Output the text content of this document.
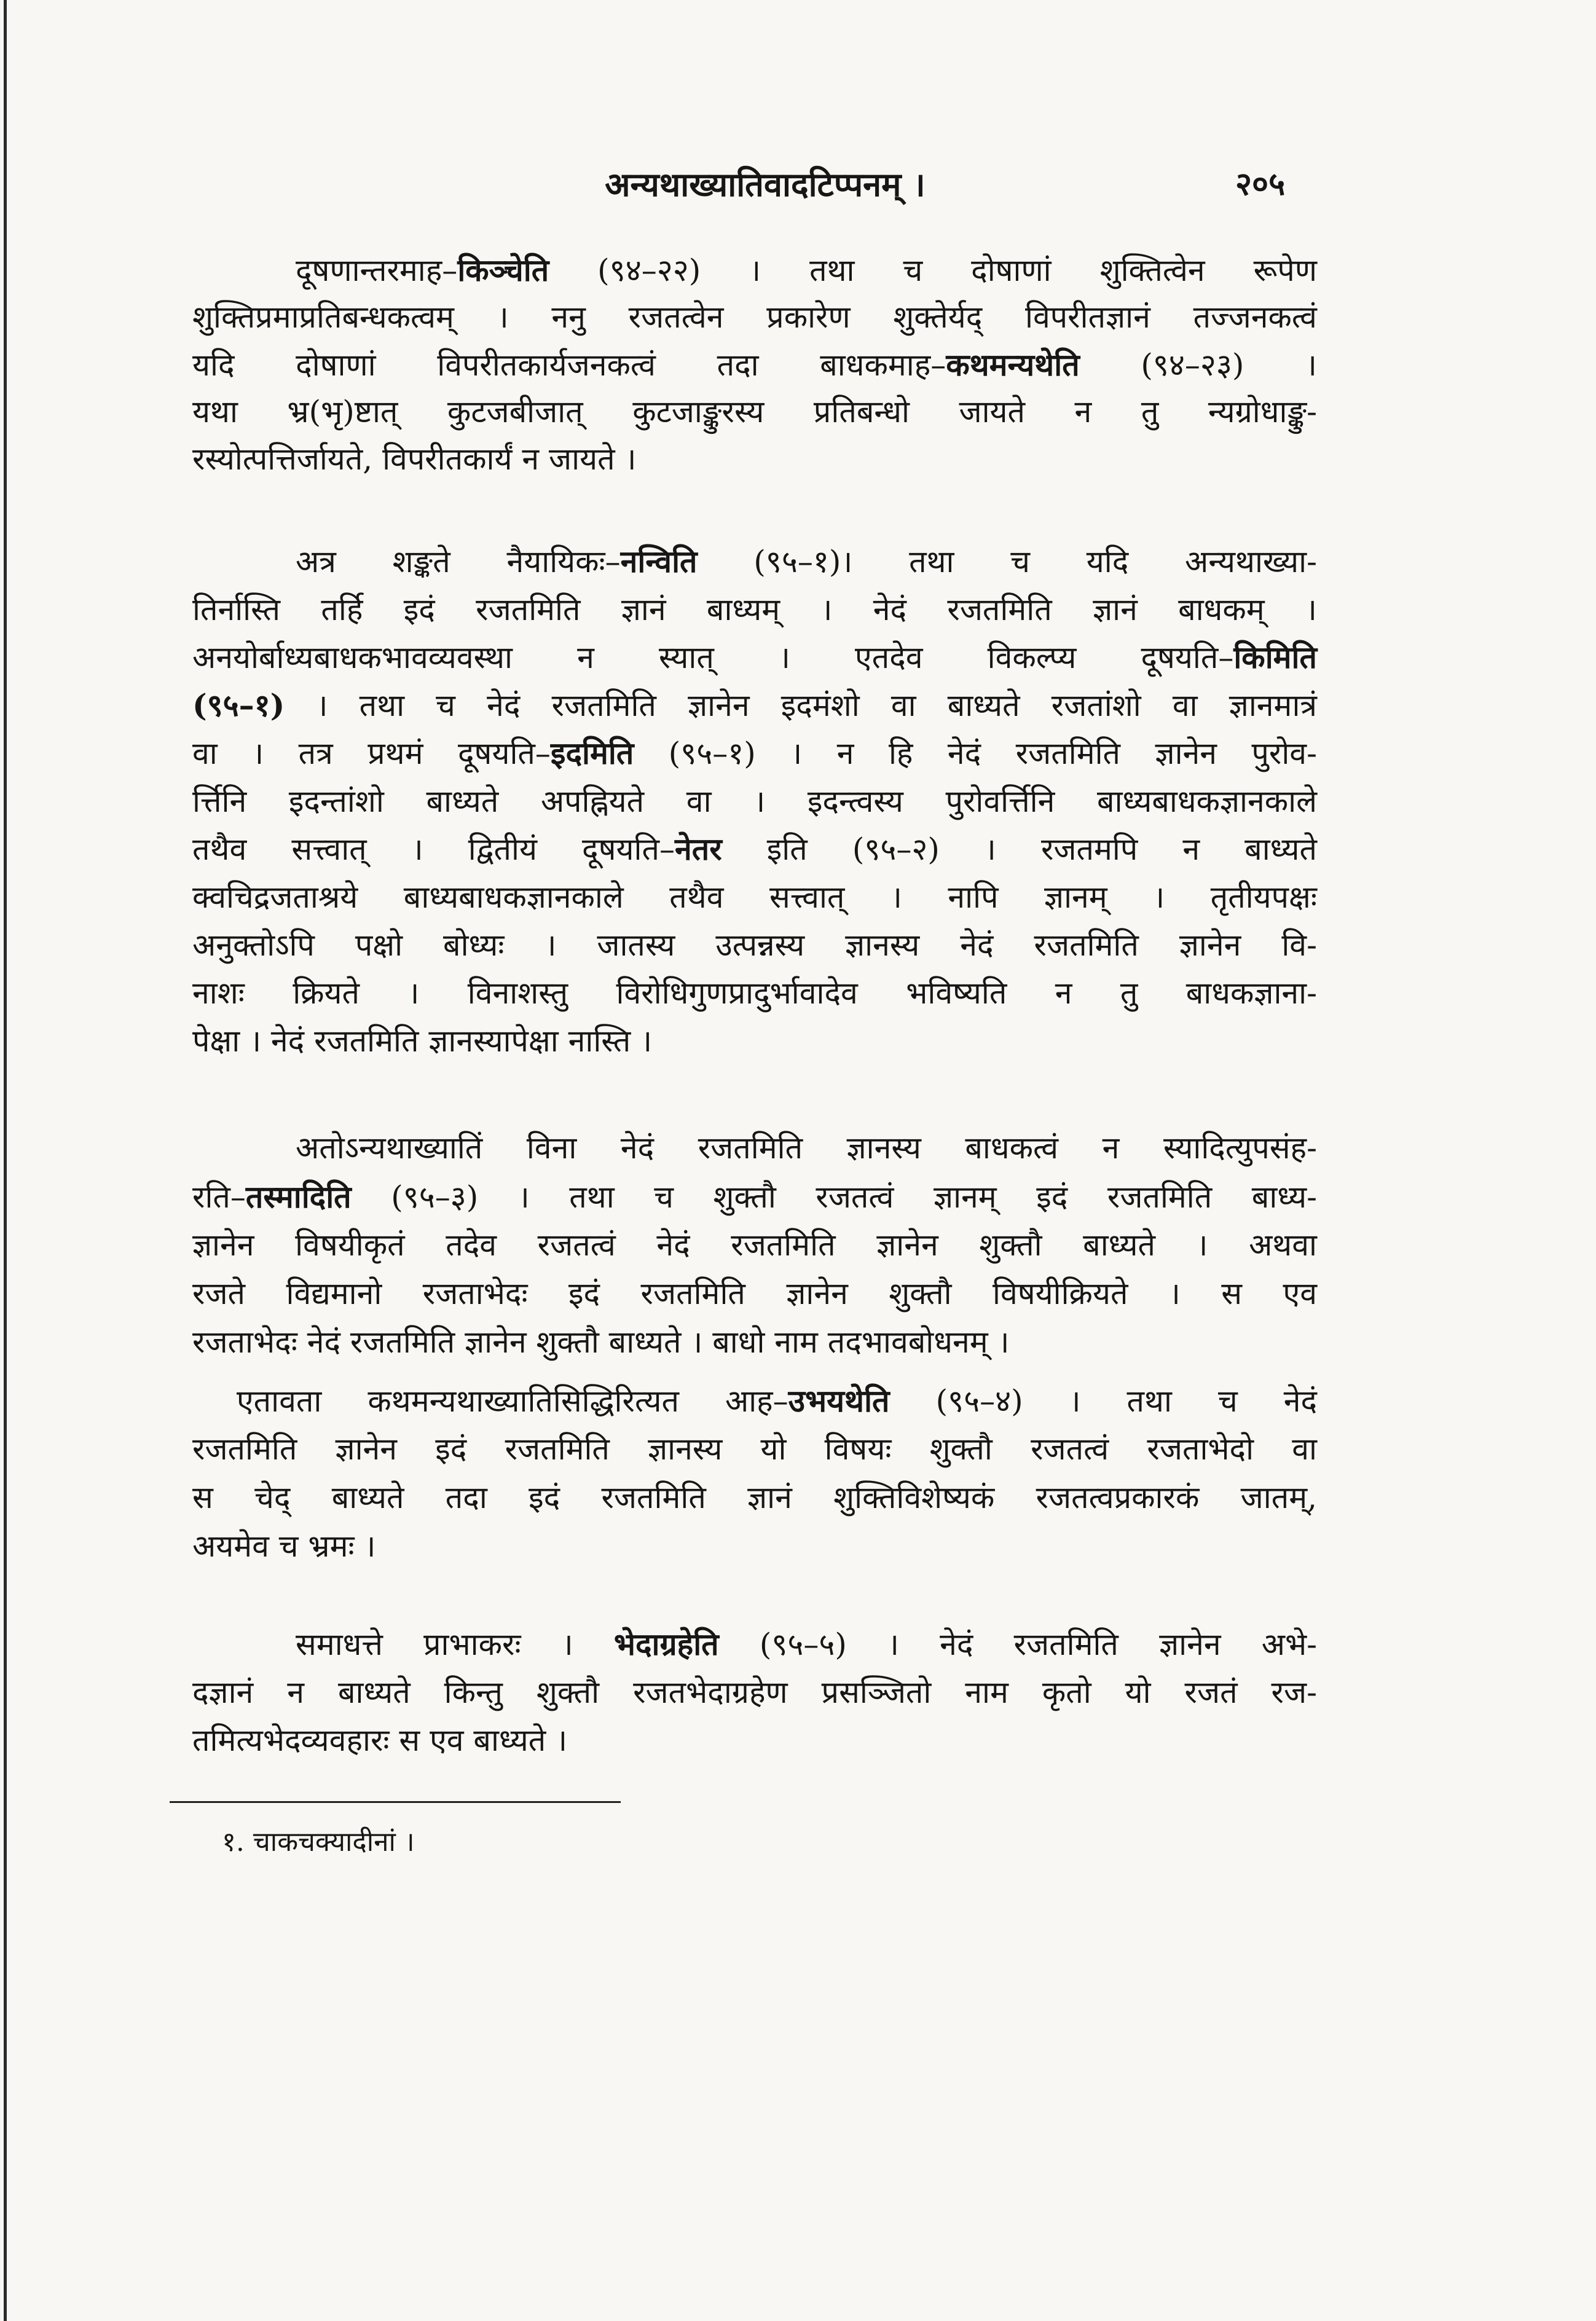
अन्यथाख्यातिवादटिप्पनम् ।	२०५
दूषणान्तरमाह–किञ्चेति (९४–२२) । तथा च दोषाणां शुक्तित्वेन रूपेण
शुक्तिप्रमाप्रतिबन्धकत्वम् । ननु रजतत्वेन प्रकारेण शुक्तेर्यद् विपरीतज्ञानं तज्जनकत्वं
यदि दोषाणां विपरीतकार्यजनकत्वं तदा बाधकमाह–कथमन्यथेति (९४–२३) ।
यथा भ्र(भृ)ष्टात् कुटजबीजात् कुटजाङ्कुरस्य प्रतिबन्धो जायते न तु न्यग्रोधाङ्कु-
रस्योत्पत्तिर्जायते, विपरीतकार्यं न जायते ।
अत्र शङ्कते नैयायिकः–नन्विति (९५–१)। तथा च यदि अन्यथाख्या-
तिर्नास्ति तर्हि इदं रजतमिति ज्ञानं बाध्यम् । नेदं रजतमिति ज्ञानं बाधकम् ।
अनयोर्बाध्यबाधकभावव्यवस्था न स्यात् । एतदेव विकल्प्य दूषयति–किमिति
(९५–१) । तथा च नेदं रजतमिति ज्ञानेन इदमंशो वा बाध्यते रजतांशो वा ज्ञानमात्रं
वा । तत्र प्रथमं दूषयति–इदमिति (९५–१) । न हि नेदं रजतमिति ज्ञानेन पुरोव-
र्त्तिनि इदन्तांशो बाध्यते अपह्नियते वा । इदन्त्वस्य पुरोवर्त्तिनि बाध्यबाधकज्ञानकाले
तथैव सत्त्वात् । द्वितीयं दूषयति–नेतर इति (९५–२) । रजतमपि न बाध्यते
क्वचिद्रजताश्रये बाध्यबाधकज्ञानकाले तथैव सत्त्वात् । नापि ज्ञानम् । तृतीयपक्षः
अनुक्तोऽपि पक्षो बोध्यः । जातस्य उत्पन्नस्य ज्ञानस्य नेदं रजतमिति ज्ञानेन वि-
नाशः क्रियते । विनाशस्तु विरोधिगुणप्रादुर्भावादेव भविष्यति न तु बाधकज्ञाना-
पेक्षा । नेदं रजतमिति ज्ञानस्यापेक्षा नास्ति ।
अतोऽन्यथाख्यातिं विना नेदं रजतमिति ज्ञानस्य बाधकत्वं न स्यादित्युपसंह-
रति–तस्मादिति (९५–३) । तथा च शुक्तौ रजतत्वं ज्ञानम् इदं रजतमिति बाध्य-
ज्ञानेन विषयीकृतं तदेव रजतत्वं नेदं रजतमिति ज्ञानेन शुक्तौ बाध्यते । अथवा
रजते विद्यमानो रजताभेदः इदं रजतमिति ज्ञानेन शुक्तौ विषयीक्रियते । स एव
रजताभेदः नेदं रजतमिति ज्ञानेन शुक्तौ बाध्यते । बाधो नाम तदभावबोधनम् ।
एतावता कथमन्यथाख्यातिसिद्धिरित्यत आह–उभयथेति (९५–४) । तथा च नेदं
रजतमिति ज्ञानेन इदं रजतमिति ज्ञानस्य यो विषयः शुक्तौ रजतत्वं रजताभेदो वा
स चेद् बाध्यते तदा इदं रजतमिति ज्ञानं शुक्तिविशेष्यकं रजतत्वप्रकारकं जातम्,
अयमेव च भ्रमः ।
समाधत्ते प्राभाकरः । भेदाग्रहेति (९५–५) । नेदं रजतमिति ज्ञानेन अभे-
दज्ञानं न बाध्यते किन्तु शुक्तौ रजतभेदाग्रहेण प्रसञ्जितो नाम कृतो यो रजतं रज-
तमित्यभेदव्यवहारः स एव बाध्यते ।
१. चाकचक्यादीनां ।
